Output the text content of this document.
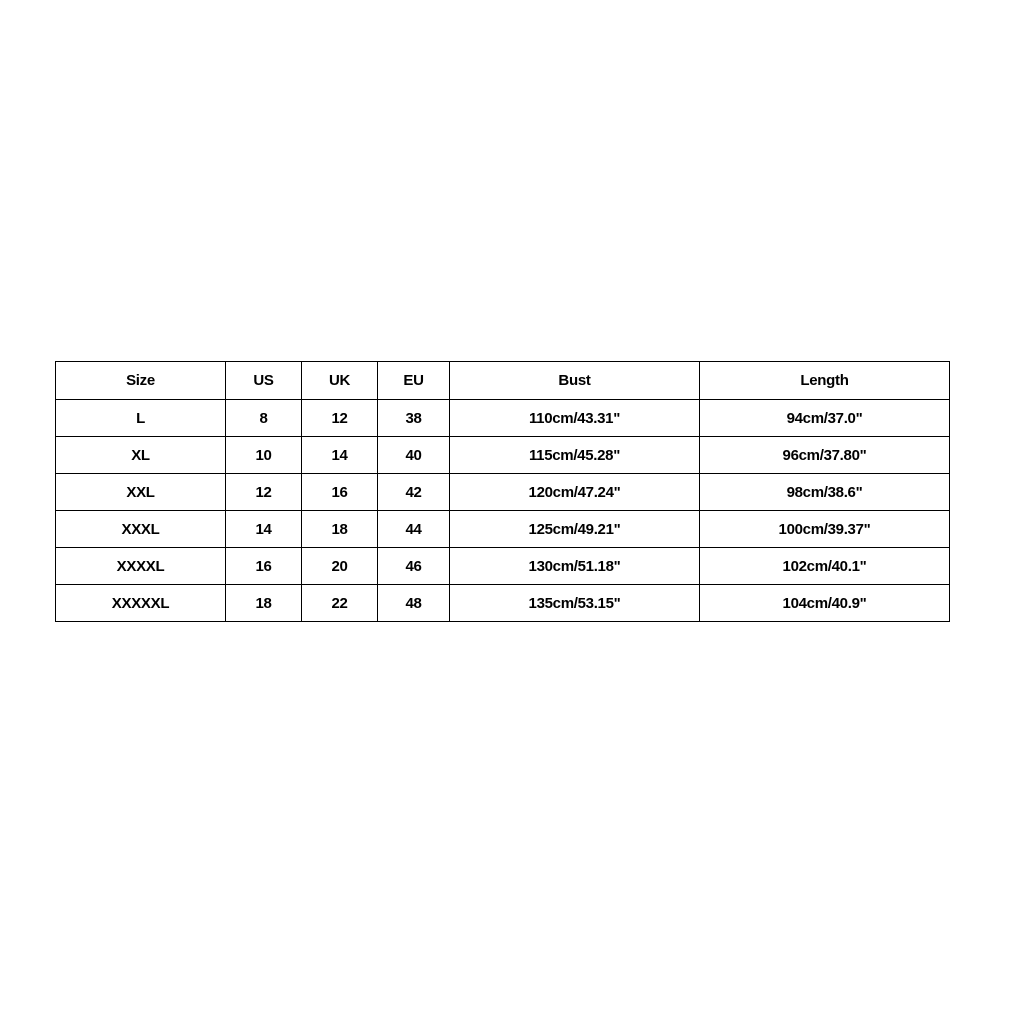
Size	US	UK	EU	Bust	Length
L	8	12	38	110cm/43.31"	94cm/37.0"
XL	10	14	40	115cm/45.28"	96cm/37.80"
XXL	12	16	42	120cm/47.24"	98cm/38.6"
XXXL	14	18	44	125cm/49.21"	100cm/39.37"
XXXXL	16	20	46	130cm/51.18"	102cm/40.1"
XXXXXL	18	22	48	135cm/53.15"	104cm/40.9"
